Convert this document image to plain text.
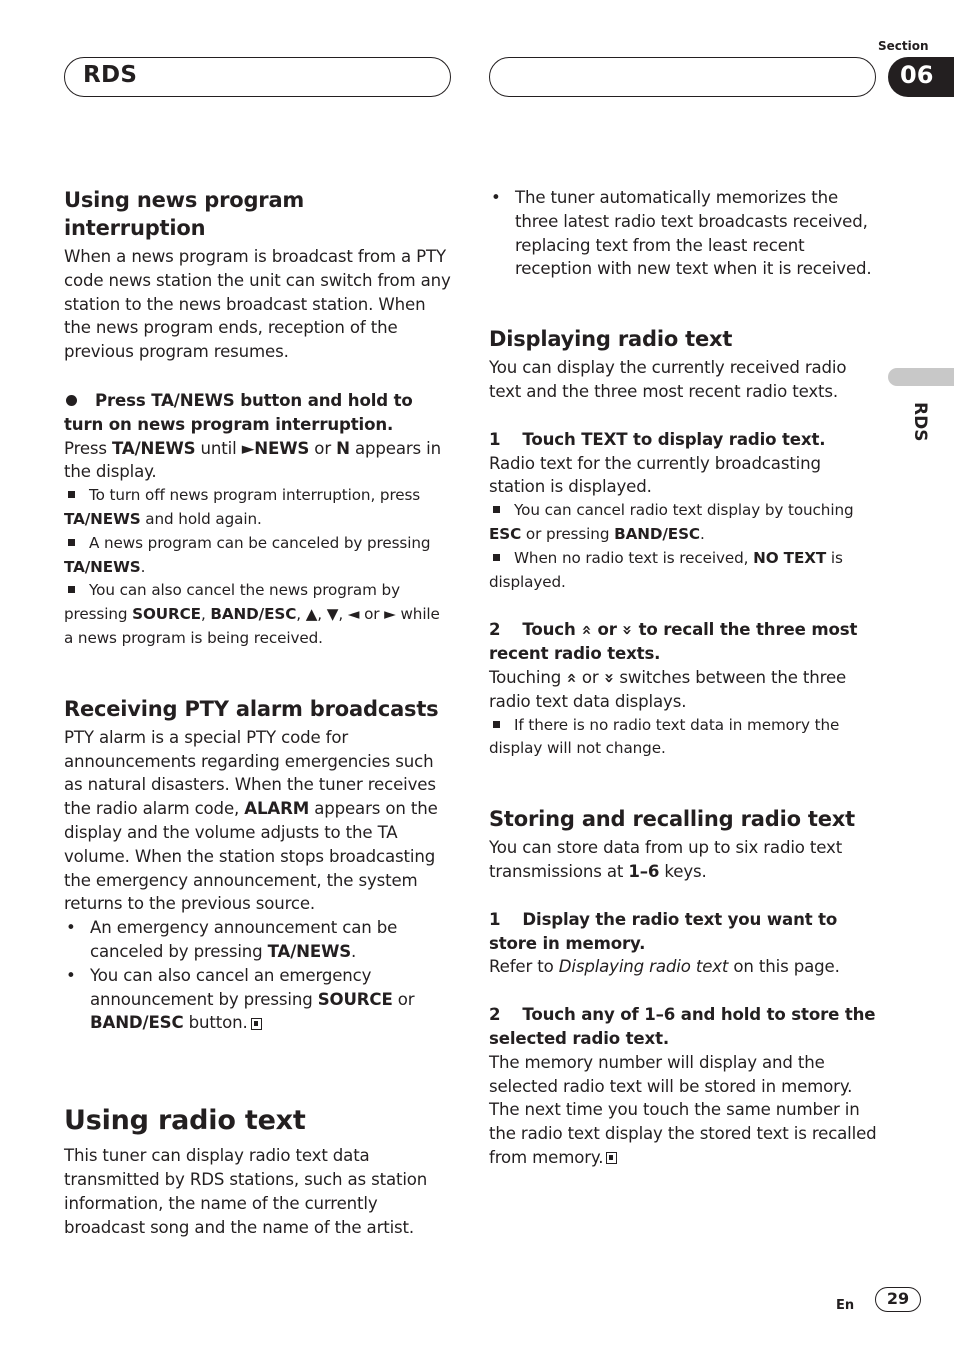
RDS
Section
06
RDS
Using news program interruption

When a news program is broadcast from a PTY code news station the unit can switch from any station to the news broadcast station. When the news program ends, reception of the previous program resumes.

Press TA/NEWS button and hold to turn on news program interruption.

Press TA/NEWS until ►NEWS or N appears in the display.

To turn off news program interruption, press TA/NEWS and hold again.

A news program can be canceled by pressing TA/NEWS.

You can also cancel the news program by pressing SOURCE, BAND/ESC, ▲, ▼, ◄ or ► while a news program is being received.

Receiving PTY alarm broadcasts

PTY alarm is a special PTY code for announcements regarding emergencies such as natural disasters. When the tuner receives the radio alarm code, ALARM appears on the display and the volume adjusts to the TA volume. When the station stops broadcasting the emergency announcement, the system returns to the previous source.

• An emergency announcement can be canceled by pressing TA/NEWS.

• You can also cancel an emergency announcement by pressing SOURCE or BAND/ESC button.

Using radio text

This tuner can display radio text data transmitted by RDS stations, such as station information, the name of the currently broadcast song and the name of the artist.

• The tuner automatically memorizes the three latest radio text broadcasts received, replacing text from the least recent reception with new text when it is received.

Displaying radio text

You can display the currently received radio text and the three most recent radio texts.

1 Touch TEXT to display radio text.

Radio text for the currently broadcasting station is displayed.

You can cancel radio text display by touching ESC or pressing BAND/ESC.

When no radio text is received, NO TEXT is displayed.

2 Touch » or » to recall the three most recent radio texts.

Touching » or » switches between the three radio text data displays.

If there is no radio text data in memory the display will not change.

Storing and recalling radio text

You can store data from up to six radio text transmissions at 1–6 keys.

1 Display the radio text you want to store in memory.

Refer to Displaying radio text on this page.

2 Touch any of 1–6 and hold to store the selected radio text.

The memory number will display and the selected radio text will be stored in memory.

The next time you touch the same number in the radio text display the stored text is recalled from memory.

En	29
